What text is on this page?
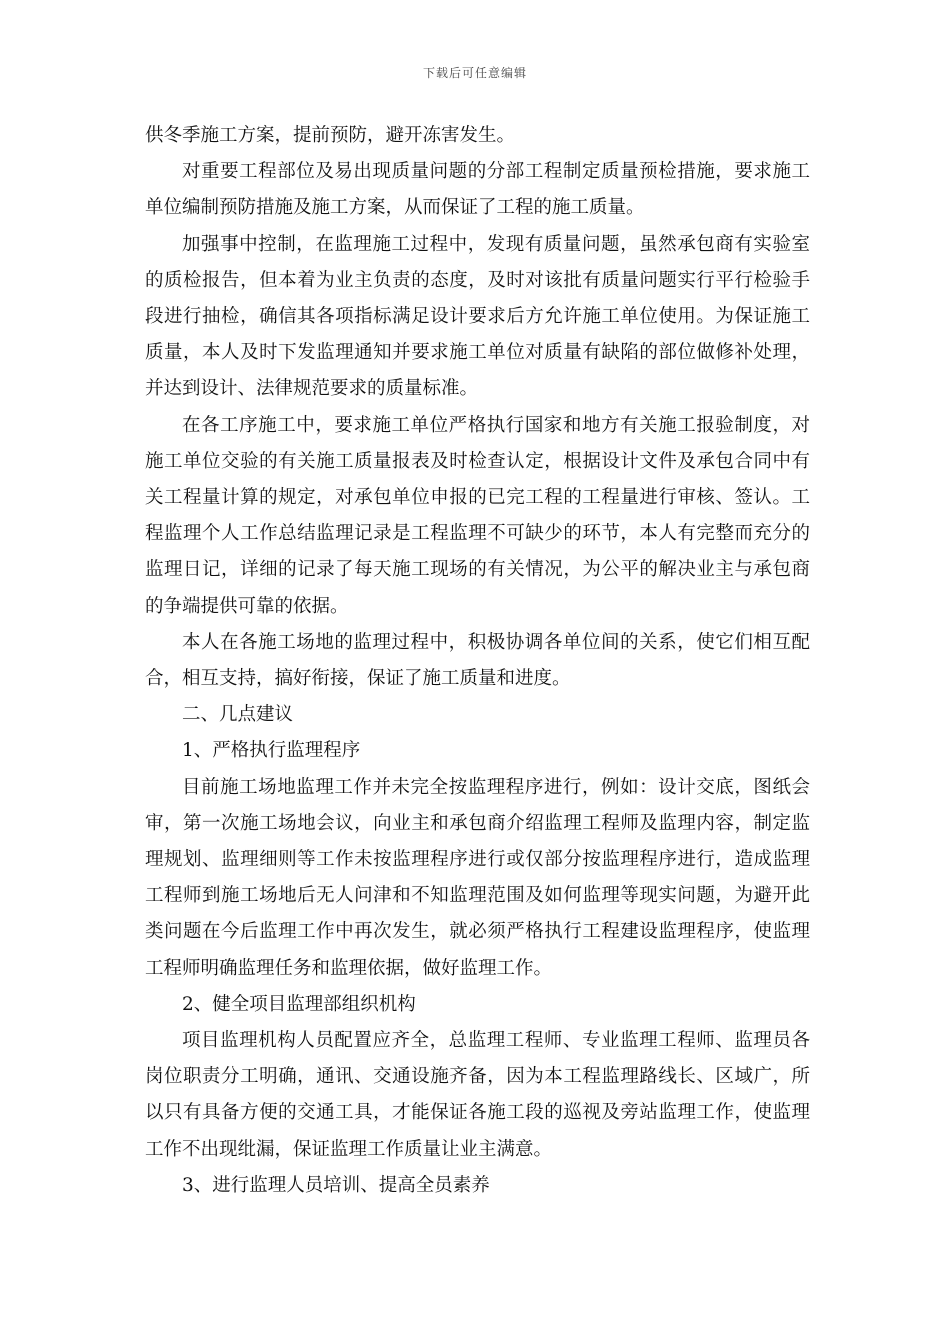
下载后可任意编辑

供冬季施工方案，提前预防，避开冻害发生。

对重要工程部位及易出现质量问题的分部工程制定质量预检措施，要求施工单位编制预防措施及施工方案，从而保证了工程的施工质量。

加强事中控制，在监理施工过程中，发现有质量问题，虽然承包商有实验室的质检报告，但本着为业主负责的态度，及时对该批有质量问题实行平行检验手段进行抽检，确信其各项指标满足设计要求后方允许施工单位使用。为保证施工质量，本人及时下发监理通知并要求施工单位对质量有缺陷的部位做修补处理，并达到设计、法律规范要求的质量标准。

在各工序施工中，要求施工单位严格执行国家和地方有关施工报验制度，对施工单位交验的有关施工质量报表及时检查认定，根据设计文件及承包合同中有关工程量计算的规定，对承包单位申报的已完工程的工程量进行审核、签认。工程监理个人工作总结监理记录是工程监理不可缺少的环节，本人有完整而充分的监理日记，详细的记录了每天施工现场的有关情况，为公平的解决业主与承包商的争端提供可靠的依据。

本人在各施工场地的监理过程中，积极协调各单位间的关系，使它们相互配合，相互支持，搞好衔接，保证了施工质量和进度。

二、几点建议

1、严格执行监理程序

目前施工场地监理工作并未完全按监理程序进行，例如：设计交底，图纸会审，第一次施工场地会议，向业主和承包商介绍监理工程师及监理内容，制定监理规划、监理细则等工作未按监理程序进行或仅部分按监理程序进行，造成监理工程师到施工场地后无人问津和不知监理范围及如何监理等现实问题，为避开此类问题在今后监理工作中再次发生，就必须严格执行工程建设监理程序，使监理工程师明确监理任务和监理依据，做好监理工作。

2、健全项目监理部组织机构

项目监理机构人员配置应齐全，总监理工程师、专业监理工程师、监理员各岗位职责分工明确，通讯、交通设施齐备，因为本工程监理路线长、区域广，所以只有具备方便的交通工具，才能保证各施工段的巡视及旁站监理工作，使监理工作不出现纰漏，保证监理工作质量让业主满意。

3、进行监理人员培训、提高全员素养
